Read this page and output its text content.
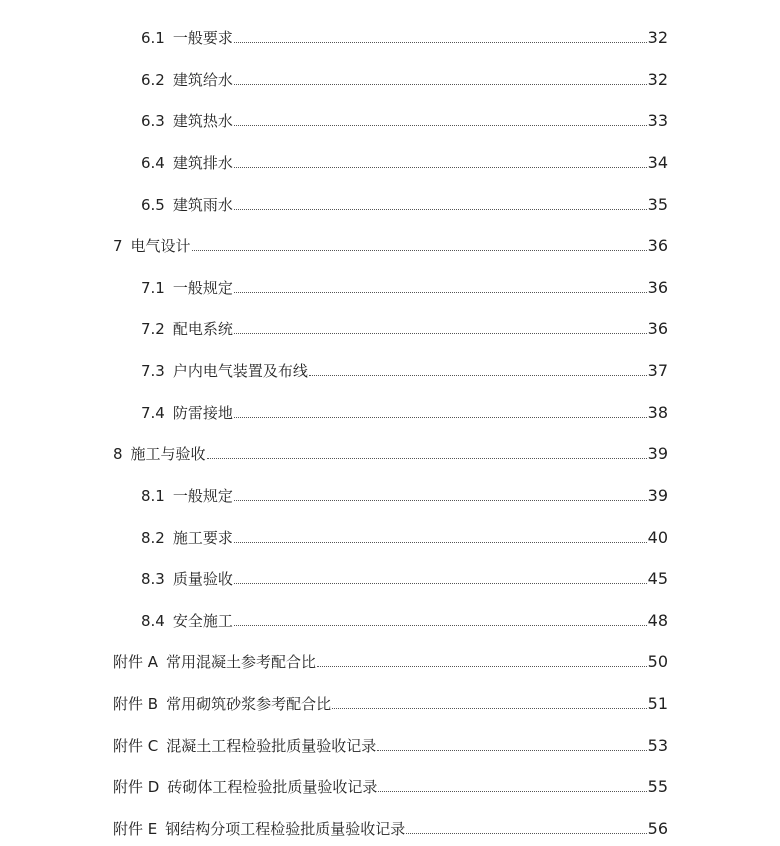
6.1 一般要求	32
6.2 建筑给水	32
6.3 建筑热水	33
6.4 建筑排水	34
6.5 建筑雨水	35
7 电气设计	36
7.1 一般规定	36
7.2 配电系统	36
7.3 户内电气装置及布线	37
7.4 防雷接地	38
8 施工与验收	39
8.1 一般规定	39
8.2 施工要求	40
8.3 质量验收	45
8.4 安全施工	48
附件 A 常用混凝土参考配合比	50
附件 B 常用砌筑砂浆参考配合比	51
附件 C 混凝土工程检验批质量验收记录	53
附件 D 砖砌体工程检验批质量验收记录	55
附件 E 钢结构分项工程检验批质量验收记录	56
